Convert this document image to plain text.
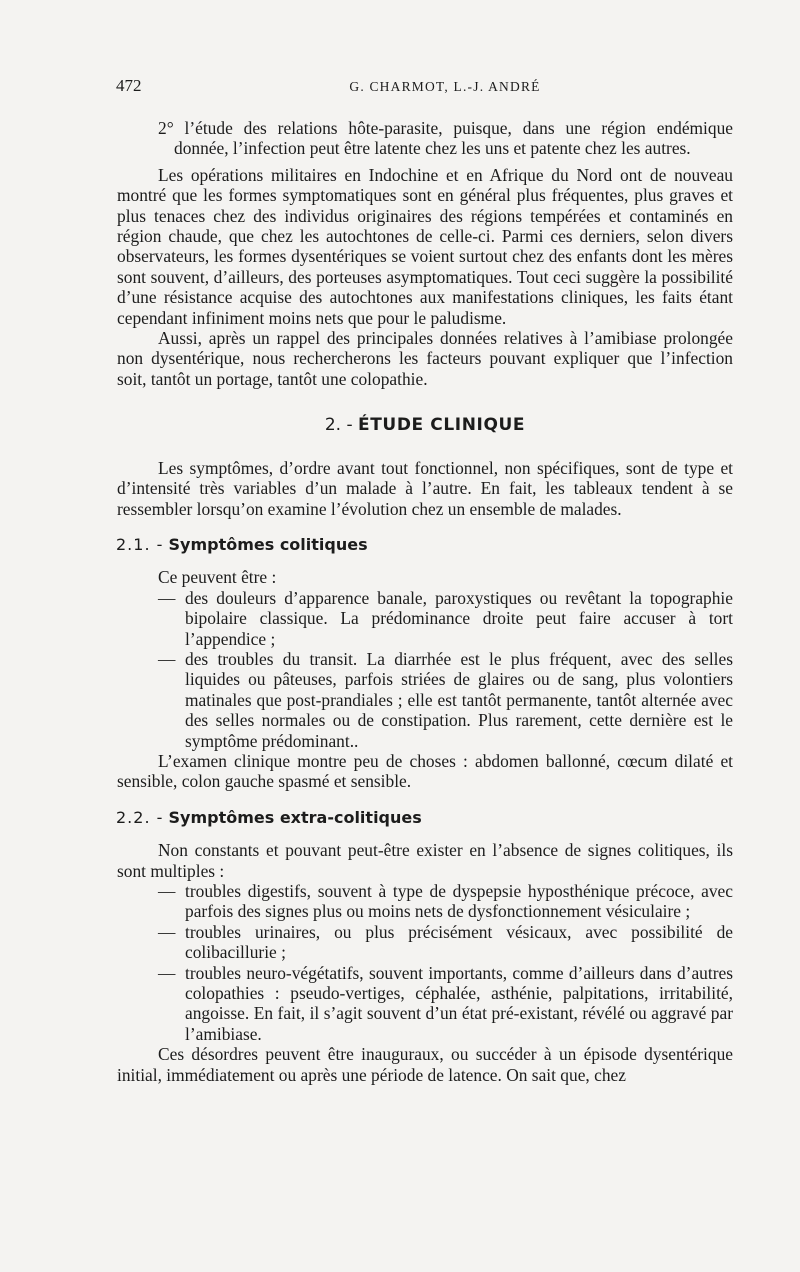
472	G. CHARMOT, L.-J. ANDRÉ

2° l’étude des relations hôte-parasite, puisque, dans une région endémique donnée, l’infection peut être latente chez les uns et patente chez les autres.

Les opérations militaires en Indochine et en Afrique du Nord ont de nouveau montré que les formes symptomatiques sont en général plus fréquentes, plus graves et plus tenaces chez des individus originaires des régions tempérées et contaminés en région chaude, que chez les autochtones de celle-ci. Parmi ces derniers, selon divers observateurs, les formes dysentériques se voient surtout chez des enfants dont les mères sont souvent, d’ailleurs, des porteuses asymptomatiques. Tout ceci suggère la possibilité d’une résistance acquise des autochtones aux manifestations cliniques, les faits étant cependant infiniment moins nets que pour le paludisme.

Aussi, après un rappel des principales données relatives à l’amibiase prolongée non dysentérique, nous rechercherons les facteurs pouvant expliquer que l’infection soit, tantôt un portage, tantôt une colopathie.

2. - ÉTUDE CLINIQUE

Les symptômes, d’ordre avant tout fonctionnel, non spécifiques, sont de type et d’intensité très variables d’un malade à l’autre. En fait, les tableaux tendent à se ressembler lorsqu’on examine l’évolution chez un ensemble de malades.

2.1. - Symptômes colitiques

Ce peuvent être :

— des douleurs d’apparence banale, paroxystiques ou revêtant la topographie bipolaire classique. La prédominance droite peut faire accuser à tort l’appendice ;
— des troubles du transit. La diarrhée est le plus fréquent, avec des selles liquides ou pâteuses, parfois striées de glaires ou de sang, plus volontiers matinales que post-prandiales ; elle est tantôt permanente, tantôt alternée avec des selles normales ou de constipation. Plus rarement, cette dernière est le symptôme prédominant..

L’examen clinique montre peu de choses : abdomen ballonné, cœcum dilaté et sensible, colon gauche spasmé et sensible.

2.2. - Symptômes extra-colitiques

Non constants et pouvant peut-être exister en l’absence de signes colitiques, ils sont multiples :

— troubles digestifs, souvent à type de dyspepsie hyposthénique précoce, avec parfois des signes plus ou moins nets de dysfonctionnement vésiculaire ;
— troubles urinaires, ou plus précisément vésicaux, avec possibilité de colibacillurie ;
— troubles neuro-végétatifs, souvent importants, comme d’ailleurs dans d’autres colopathies : pseudo-vertiges, céphalée, asthénie, palpitations, irritabilité, angoisse. En fait, il s’agit souvent d’un état pré-existant, révélé ou aggravé par l’amibiase.

Ces désordres peuvent être inauguraux, ou succéder à un épisode dysentérique initial, immédiatement ou après une période de latence. On sait que, chez
